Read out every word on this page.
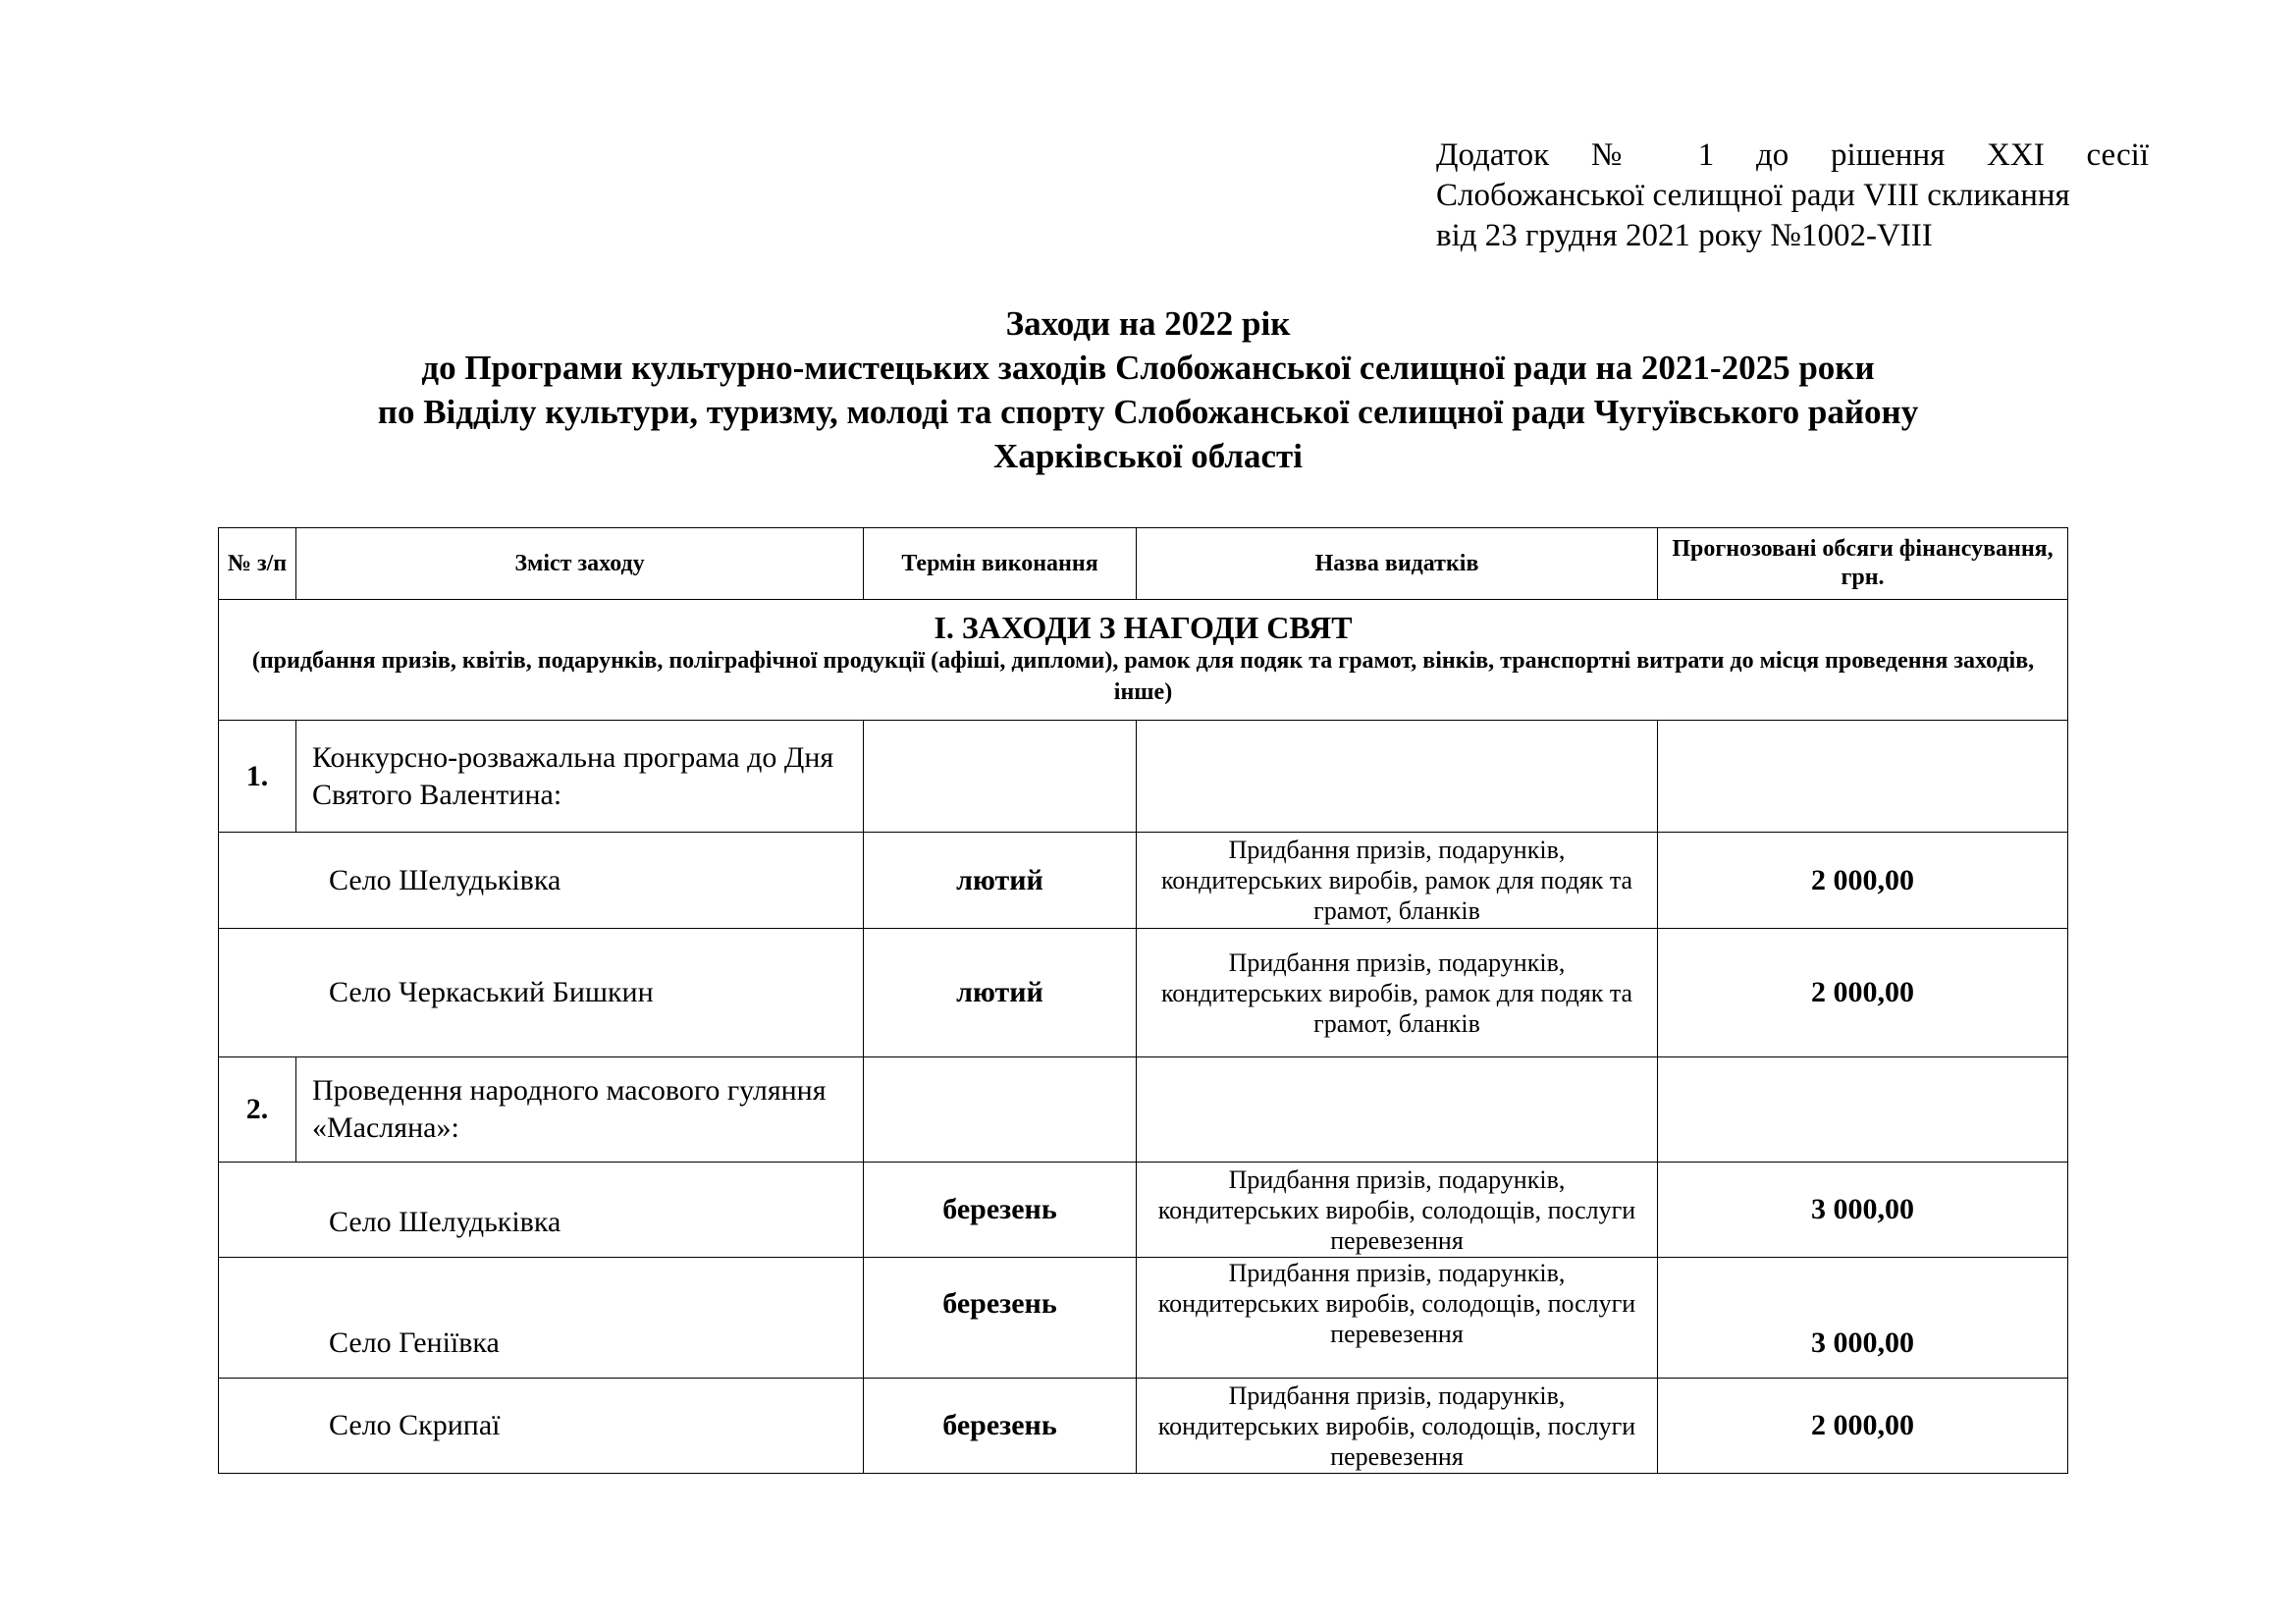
Додаток № 1 до рішення XXI сесії
Слобожанської селищної ради VIII скликання
від 23 грудня 2021 року №1002-VIII
Заходи на 2022 рік
до Програми культурно-мистецьких заходів Слобожанської селищної ради на 2021-2025 роки
по Відділу культури, туризму, молоді та спорту Слобожанської селищної ради Чугуївського району
Харківської області
№ з/п	Зміст заходу	Термін виконання	Назва видатків	Прогнозовані обсяги фінансування, грн.

І. ЗАХОДИ З НАГОДИ СВЯТ
(придбання призів, квітів, подарунків, поліграфічної продукції (афіші, дипломи), рамок для подяк та грамот, вінків, транспортні витрати до місця проведення заходів, інше)				

1.	Конкурсно-розважальна програма до Дня Святого Валентина:			
Село Шелудьківка		лютий	Придбання призів, подарунків, кондитерських виробів, рамок для подяк та грамот, бланків	2 000,00
Село Черкаський Бишкин		лютий	Придбання призів, подарунків, кондитерських виробів, рамок для подяк та грамот, бланків	2 000,00
2.	Проведення народного масового гуляння «Масляна»:			
Село Шелудьківка		березень	Придбання призів, подарунків, кондитерських виробів, солодощів, послуги перевезення	3 000,00
Село Геніївка		березень	Придбання призів, подарунків, кондитерських виробів, солодощів, послуги перевезення	3 000,00
Село Скрипаї		березень	Придбання призів, подарунків, кондитерських виробів, солодощів, послуги перевезення	2 000,00
